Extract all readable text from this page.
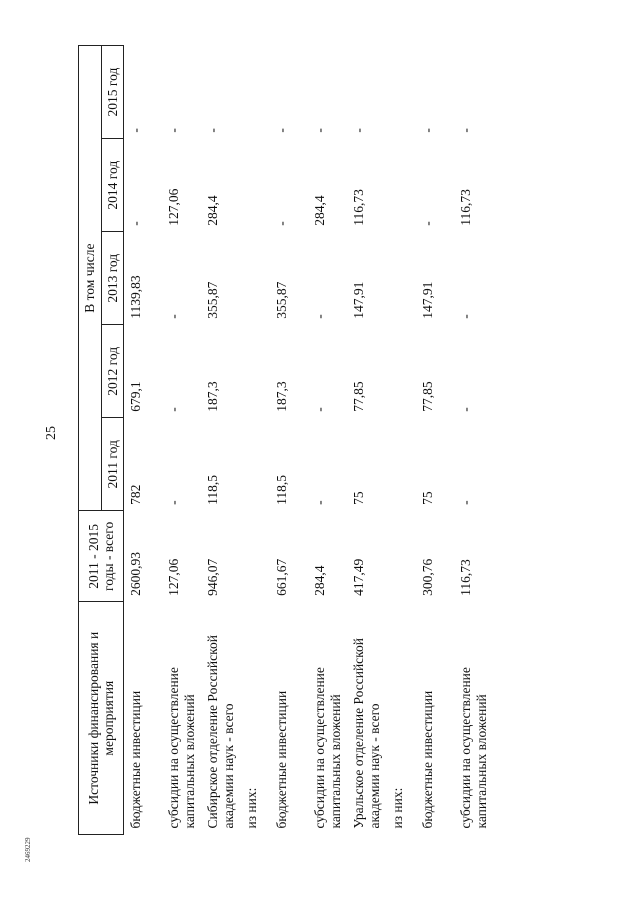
25
2469229
Источники финансирования и мероприятия	2011 - 2015 годы - всего	В том числе				
		2011 год	2012 год	2013 год	2014 год	2015 год
бюджетные инвестиции	2600,93	782	679,1	1139,83	-	-
субсидии на осуществление капитальных вложений	127,06	-	-	-	127,06	-
Сибирское отделение Российской академии наук - всего	946,07	118,5	187,3	355,87	284,4	-
из них:						
бюджетные инвестиции	661,67	118,5	187,3	355,87	-	-
субсидии на осуществление капитальных вложений	284,4	-	-	-	284,4	-
Уральское отделение Российской академии наук - всего	417,49	75	77,85	147,91	116,73	-
из них:						
бюджетные инвестиции	300,76	75	77,85	147,91	-	-
субсидии на осуществление капитальных вложений	116,73	-	-	-	116,73	-
